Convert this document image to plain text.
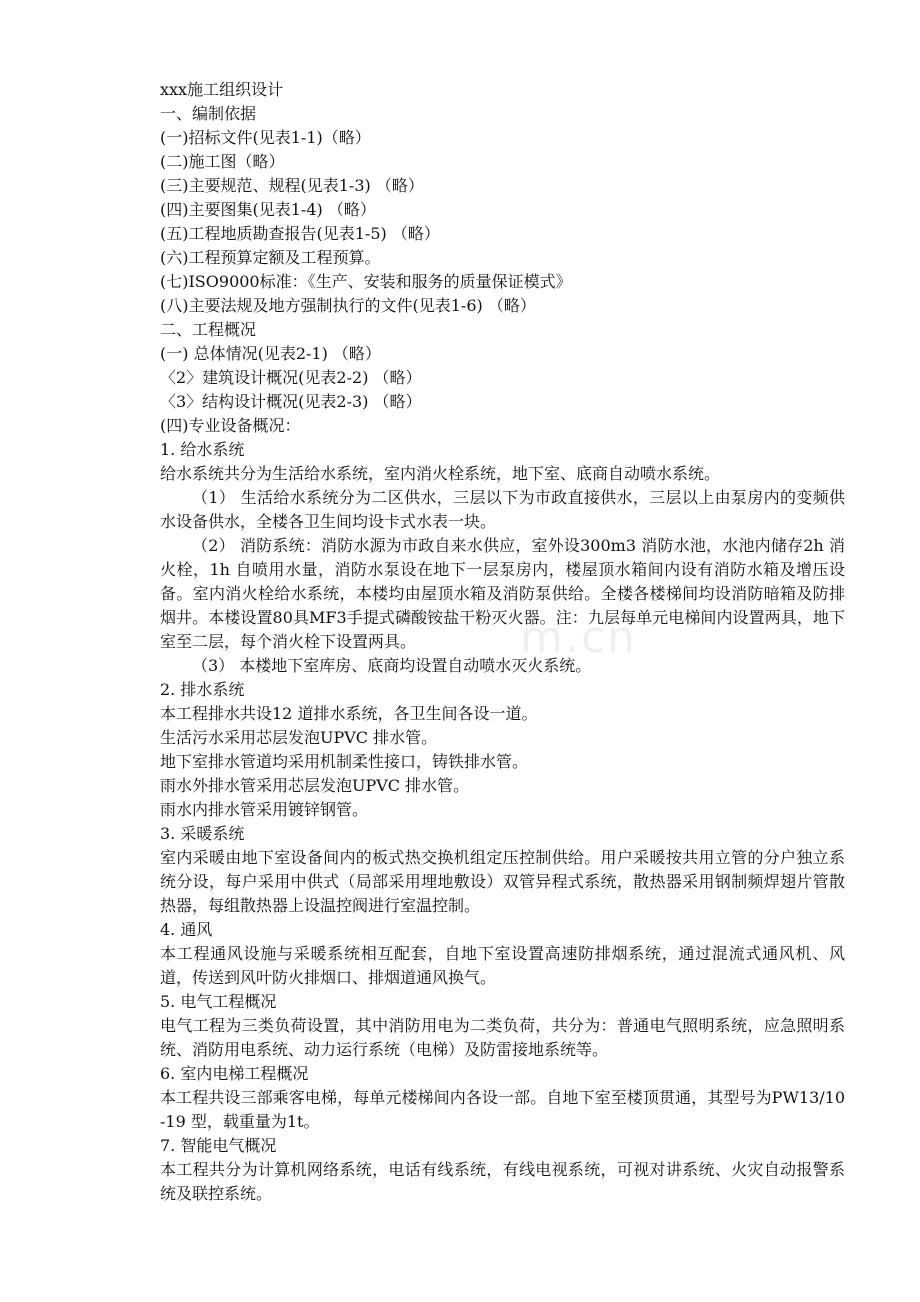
xxx施工组织设计

一、编制依据

(一)招标文件(见表1-1)（略）

(二)施工图（略）

(三)主要规范、规程(见表1-3) （略）

(四)主要图集(见表1-4) （略）

(五)工程地质勘查报告(见表1-5) （略）

(六)工程预算定额及工程预算。

(七)ISO9000标准：《生产、安装和服务的质量保证模式》

(八)主要法规及地方强制执行的文件(见表1-6) （略）

二、工程概况

(一) 总体情况(见表2-1) （略）

〈2〉建筑设计概况(见表2-2) （略）

〈3〉结构设计概况(见表2-3) （略）

(四)专业设备概况：

1. 给水系统

给水系统共分为生活给水系统，室内消火栓系统，地下室、底商自动喷水系统。

（1） 生活给水系统分为二区供水，三层以下为市政直接供水，三层以上由泵房内的变频供水设备供水，全楼各卫生间均设卡式水表一块。

（2） 消防系统：消防水源为市政自来水供应，室外设300m3 消防水池，水池内储存2h 消火栓，1h 自喷用水量，消防水泵设在地下一层泵房内，楼屋顶水箱间内设有消防水箱及增压设备。室内消火栓给水系统，本楼均由屋顶水箱及消防泵供给。全楼各楼梯间均设消防暗箱及防排烟井。本楼设置80具MF3手提式磷酸铵盐干粉灭火器。注：九层每单元电梯间内设置两具，地下室至二层，每个消火栓下设置两具。

（3） 本楼地下室库房、底商均设置自动喷水灭火系统。

2. 排水系统

本工程排水共设12 道排水系统，各卫生间各设一道。

生活污水采用芯层发泡UPVC 排水管。

地下室排水管道均采用机制柔性接口，铸铁排水管。

雨水外排水管采用芯层发泡UPVC 排水管。

雨水内排水管采用镀锌钢管。

3. 采暖系统

室内采暖由地下室设备间内的板式热交换机组定压控制供给。用户采暖按共用立管的分户独立系统分设，每户采用中供式（局部采用埋地敷设）双管异程式系统，散热器采用钢制频焊翅片管散热器，每组散热器上设温控阀进行室温控制。

4. 通风

本工程通风设施与采暖系统相互配套，自地下室设置高速防排烟系统，通过混流式通风机、风道，传送到风叶防火排烟口、排烟道通风换气。

5. 电气工程概况

电气工程为三类负荷设置，其中消防用电为二类负荷，共分为：普通电气照明系统，应急照明系统、消防用电系统、动力运行系统（电梯）及防雷接地系统等。

6. 室内电梯工程概况

本工程共设三部乘客电梯，每单元楼梯间内各设一部。自地下室至楼顶贯通，其型号为PW13/10-19 型，载重量为1t。

7. 智能电气概况

本工程共分为计算机网络系统，电话有线系统，有线电视系统，可视对讲系统、火灾自动报警系统及联控系统。

m.cn
